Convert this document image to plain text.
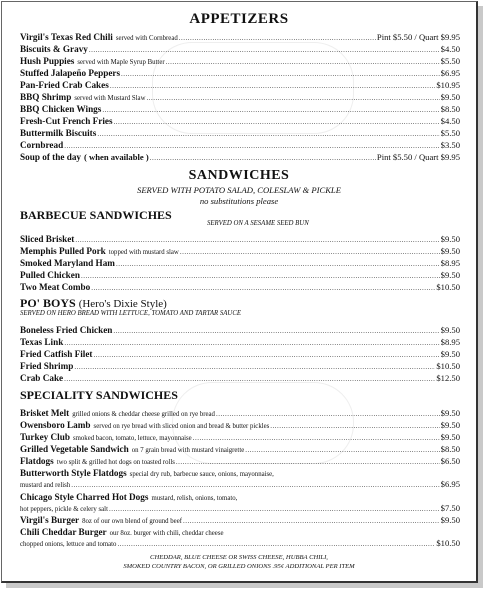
APPETIZERS
Virgil's Texas Red Chili served with Cornbread .....	Pint $5.50 / Quart $9.95
Biscuits & Gravy .....	$4.50
Hush Puppies served with Maple Syrup Butter .....	$5.50
Stuffed Jalapeño Peppers .....	$6.95
Pan-Fried Crab Cakes .....	$10.95
BBQ Shrimp served with Mustard Slaw .....	$9.50
BBQ Chicken Wings .....	$8.50
Fresh-Cut French Fries .....	$4.50
Buttermilk Biscuits .....	$5.50
Cornbread .....	$3.50
Soup of the day ( when available ) .....	Pint $5.50 / Quart $9.95
SANDWICHES
SERVED WITH POTATO SALAD, COLESLAW & PICKLE
no substitutions please
BARBECUE SANDWICHES
SERVED ON A SESAME SEED BUN
Sliced Brisket .....	$9.50
Memphis Pulled Pork topped with mustard slaw .....	$9.50
Smoked Maryland Ham .....	$8.95
Pulled Chicken .....	$9.50
Two Meat Combo .....	$10.50
PO' BOYS (Hero's Dixie Style)
SERVED ON HERO BREAD WITH LETTUCE, TOMATO AND TARTAR SAUCE
Boneless Fried Chicken .....	$9.50
Texas Link .....	$8.95
Fried Catfish Filet .....	$9.50
Fried Shrimp .....	$10.50
Crab Cake .....	$12.50
SPECIALITY SANDWICHES
Brisket Melt grilled onions & cheddar cheese grilled on rye bread .....	$9.50
Owensboro Lamb served on rye bread with sliced onion and bread & butter pickles .....	$9.50
Turkey Club smoked bacon, tomato, lettuce, mayonnaise .....	$9.50
Grilled Vegetable Sandwich on 7 grain bread with mustard vinaigrette .....	$8.50
Flatdogs two split & grilled hot dogs on toasted rolls .....	$6.50
Butterworth Style Flatdogs special dry rub, barbecue sauce, onions, mayonnaise,
mustard and relish .....	$6.95
Chicago Style Charred Hot Dogs mustard, relish, onions, tomato,
hot peppers, pickle & celery salt .....	$7.50
Virgil's Burger 8oz of our own blend of ground beef .....	$9.50
Chili Cheddar Burger our 8oz. burger with chili, cheddar cheese
chopped onions, lettuce and tomato .....	$10.50
CHEDDAR, BLUE CHEESE OR SWISS CHEESE, HUBBA CHILI,
SMOKED COUNTRY BACON, OR GRILLED ONIONS .95¢ ADDITIONAL PER ITEM
